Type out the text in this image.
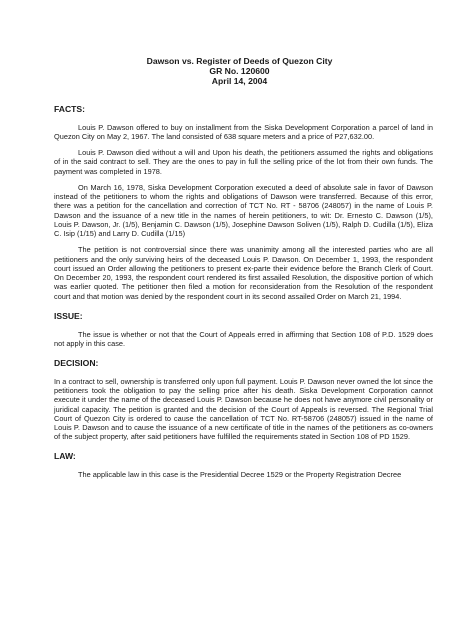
Dawson vs. Register of Deeds of Quezon City
GR No. 120600
April 14, 2004
FACTS:

Louis P. Dawson offered to buy on installment from the Siska Development Corporation a parcel of land in Quezon City on May 2, 1967. The land consisted of 638 square meters and a price of P27,632.00.

Louis P. Dawson died without a will and Upon his death, the petitioners assumed the rights and obligations of in the said contract to sell. They are the ones to pay in full the selling price of the lot from their own funds. The payment was completed in 1978.

On March 16, 1978, Siska Development Corporation executed a deed of absolute sale in favor of Dawson instead of the petitioners to whom the rights and obligations of Dawson were transferred. Because of this error, there was a petition for the cancellation and correction of TCT No. RT - 58706 (248057) in the name of Louis P. Dawson and the issuance of a new title in the names of herein petitioners, to wit: Dr. Ernesto C. Dawson (1/5), Louis P. Dawson, Jr. (1/5), Benjamin C. Dawson (1/5), Josephine Dawson Soliven (1/5), Ralph D. Cudilla (1/5), Eliza C. Isip (1/15) and Larry D. Cudilla (1/15)

The petition is not controversial since there was unanimity among all the interested parties who are all petitioners and the only surviving heirs of the deceased Louis P. Dawson. On December 1, 1993, the respondent court issued an Order allowing the petitioners to present ex-parte their evidence before the Branch Clerk of Court. On December 20, 1993, the respondent court rendered its first assailed Resolution, the dispositive portion of which was earlier quoted. The petitioner then filed a motion for reconsideration from the Resolution of the respondent court and that motion was denied by the respondent court in its second assailed Order on March 21, 1994.

ISSUE:

The issue is whether or not that the Court of Appeals erred in affirming that Section 108 of P.D. 1529 does not apply in this case.

DECISION:

In a contract to sell, ownership is transferred only upon full payment. Louis P. Dawson never owned the lot since the petitioners took the obligation to pay the selling price after his death. Siska Development Corporation cannot execute it under the name of the deceased Louis P. Dawson because he does not have anymore civil personality or juridical capacity. The petition is granted and the decision of the Court of Appeals is reversed. The Regional Trial Court of Quezon City is ordered to cause the cancellation of TCT No. RT-58706 (248057) issued in the name of Louis P. Dawson and to cause the issuance of a new certificate of title in the names of the petitioners as co-owners of the subject property, after said petitioners have fulfilled the requirements stated in Section 108 of PD 1529.

LAW:

The applicable law in this case is the Presidential Decree 1529 or the Property Registration Decree
